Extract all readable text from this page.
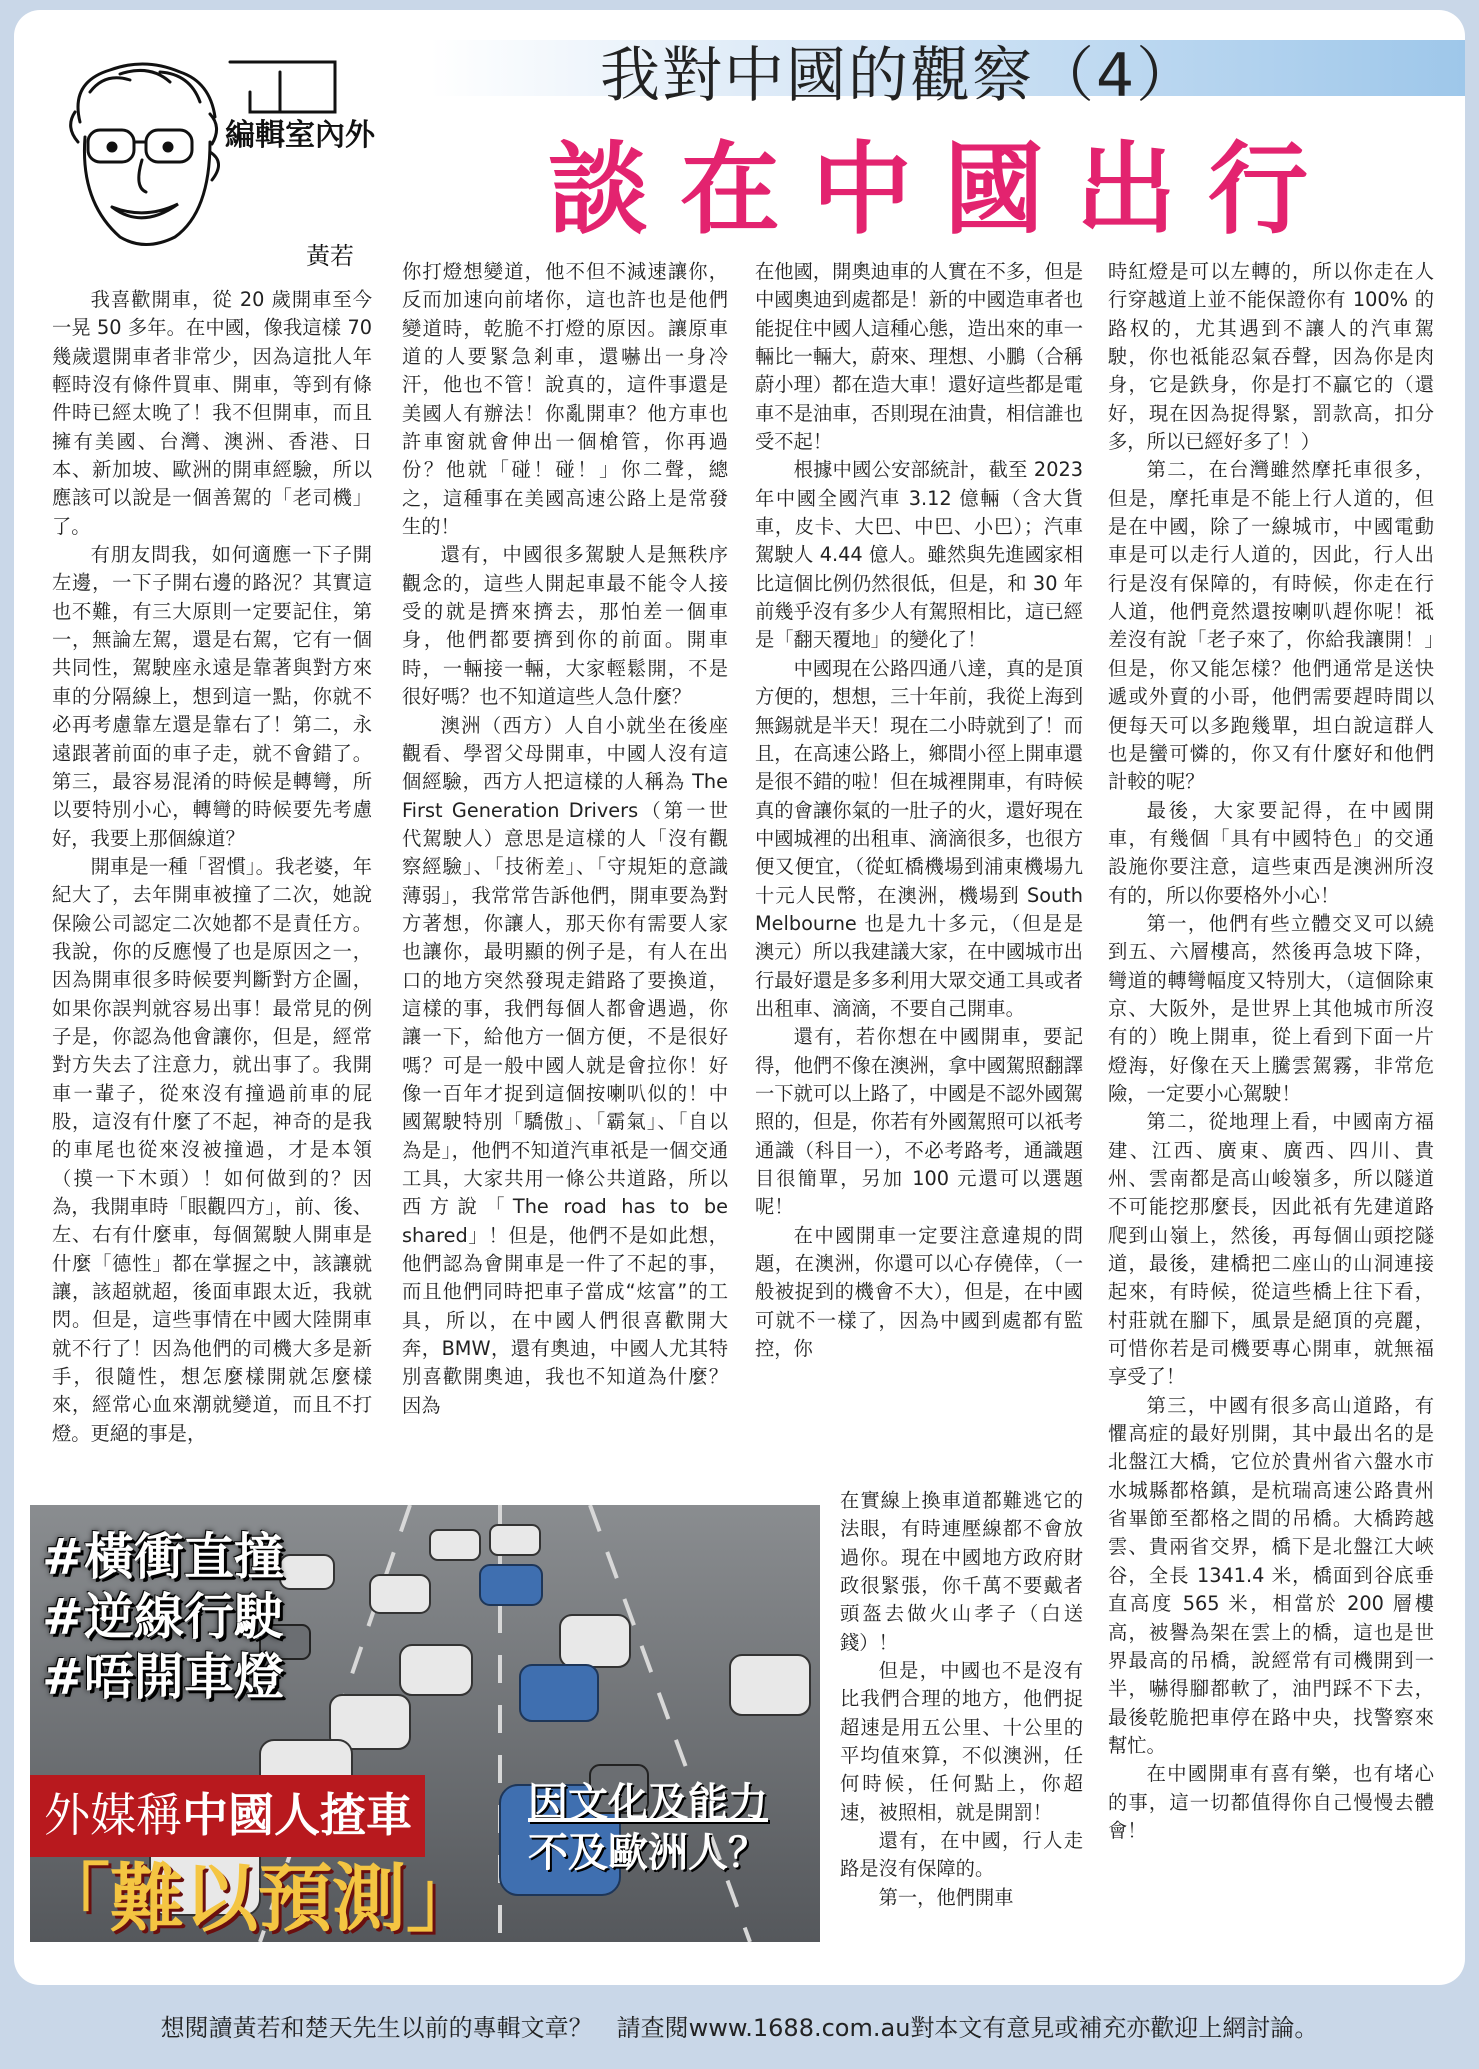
我對中國的觀察（4）
談在中國出行
編輯室內外
黃若

我喜歡開車，從 20 歲開車至今一晃 50 多年。在中國，像我這樣 70 幾歲還開車者非常少，因為這批人年輕時沒有條件買車、開車，等到有條件時已經太晚了！我不但開車，而且擁有美國、台灣、澳洲、香港、日本、新加坡、歐洲的開車經驗，所以應該可以說是一個善駕的「老司機」了。

有朋友問我，如何適應一下子開左邊，一下子開右邊的路況？其實這也不難，有三大原則一定要記住，第一，無論左駕，還是右駕，它有一個共同性，駕駛座永遠是靠著與對方來車的分隔線上，想到這一點，你就不必再考慮靠左還是靠右了！第二，永遠跟著前面的車子走，就不會錯了。第三，最容易混淆的時候是轉彎，所以要特別小心，轉彎的時候要先考慮好，我要上那個線道？

開車是一種「習慣」。我老婆，年紀大了，去年開車被撞了二次，她說保險公司認定二次她都不是責任方。我說，你的反應慢了也是原因之一，因為開車很多時候要判斷對方企圖，如果你誤判就容易出事！最常見的例子是，你認為他會讓你，但是，經常對方失去了注意力，就出事了。我開車一輩子，從來沒有撞過前車的屁股，這沒有什麼了不起，神奇的是我的車尾也從來沒被撞過，才是本領（摸一下木頭）！如何做到的？因為，我開車時「眼觀四方」，前、後、左、右有什麼車，每個駕駛人開車是什麼「德性」都在掌握之中，該讓就讓，該超就超，後面車跟太近，我就閃。但是，這些事情在中國大陸開車就不行了！因為他們的司機大多是新手，很隨性，想怎麼樣開就怎麼樣來，經常心血來潮就變道，而且不打燈。更絕的事是，

你打燈想變道，他不但不減速讓你，反而加速向前堵你，這也許也是他們變道時，乾脆不打燈的原因。讓原車道的人要緊急剎車，還嚇出一身冷汗，他也不管！說真的，這件事還是美國人有辦法！你亂開車？他方車也許車窗就會伸出一個槍管，你再過份？他就「碰！碰！」你二聲，總之，這種事在美國高速公路上是常發生的！

還有，中國很多駕駛人是無秩序觀念的，這些人開起車最不能令人接受的就是擠來擠去，那怕差一個車身，他們都要擠到你的前面。開車時，一輛接一輛，大家輕鬆開，不是很好嗎？也不知道這些人急什麼？

澳洲（西方）人自小就坐在後座觀看、學習父母開車，中國人沒有這個經驗，西方人把這樣的人稱為 The First Generation Drivers（第一世代駕駛人）意思是這樣的人「沒有觀察經驗」、「技術差」、「守規矩的意識薄弱」，我常常告訴他們，開車要為對方著想，你讓人，那天你有需要人家也讓你，最明顯的例子是，有人在出口的地方突然發現走錯路了要換道，這樣的事，我們每個人都會遇過，你讓一下，給他方一個方便，不是很好嗎？可是一般中國人就是會拉你！好像一百年才捉到這個按喇叭似的！中國駕駛特別「驕傲」、「霸氣」、「自以為是」，他們不知道汽車祇是一個交通工具，大家共用一條公共道路，所以西方說「The road has to be shared」！但是，他們不是如此想，他們認為會開車是一件了不起的事，而且他們同時把車子當成“炫富”的工具，所以，在中國人們很喜歡開大奔，BMW，還有奧迪，中國人尤其特別喜歡開奧迪，我也不知道為什麼？因為

在他國，開奧迪車的人實在不多，但是中國奧迪到處都是！新的中國造車者也能捉住中國人這種心態，造出來的車一輛比一輛大，蔚來、理想、小鵬（合稱蔚小理）都在造大車！還好這些都是電車不是油車，否則現在油貴，相信誰也受不起！

根據中國公安部統計，截至 2023 年中國全國汽車 3.12 億輛（含大貨車，皮卡、大巴、中巴、小巴）；汽車駕駛人 4.44 億人。雖然與先進國家相比這個比例仍然很低，但是，和 30 年前幾乎沒有多少人有駕照相比，這已經是「翻天覆地」的變化了！

中國現在公路四通八達，真的是頂方便的，想想，三十年前，我從上海到無錫就是半天！現在二小時就到了！而且，在高速公路上，鄉間小徑上開車還是很不錯的啦！但在城裡開車，有時候真的會讓你氣的一肚子的火，還好現在中國城裡的出租車、滴滴很多，也很方便又便宜，（從虹橋機場到浦東機場九十元人民幣，在澳洲，機場到 South Melbourne 也是九十多元，（但是是澳元）所以我建議大家，在中國城市出行最好還是多多利用大眾交通工具或者出租車、滴滴，不要自己開車。

還有，若你想在中國開車，要記得，他們不像在澳洲，拿中國駕照翻譯一下就可以上路了，中國是不認外國駕照的，但是，你若有外國駕照可以祇考通識（科目一），不必考路考，通識題目很簡單，另加 100 元還可以選題呢！

在中國開車一定要注意違規的問題，在澳洲，你還可以心存僥倖，（一般被捉到的機會不大），但是，在中國可就不一樣了，因為中國到處都有監控，你

在實線上換車道都難逃它的法眼，有時連壓線都不會放過你。現在中國地方政府財政很緊張，你千萬不要戴者頭盔去做火山孝子（白送錢）！

但是，中國也不是沒有比我們合理的地方，他們捉超速是用五公里、十公里的平均值來算，不似澳洲，任何時候，任何點上，你超速，被照相，就是開罰！

還有，在中國，行人走路是沒有保障的。

第一，他們開車

時紅燈是可以左轉的，所以你走在人行穿越道上並不能保證你有 100% 的路权的，尤其遇到不讓人的汽車駕駛，你也祗能忍氣吞聲，因為你是肉身，它是鉄身，你是打不贏它的（還好，現在因為捉得緊，罰款高，扣分多，所以已經好多了！）

第二，在台灣雖然摩托車很多，但是，摩托車是不能上行人道的，但是在中國，除了一線城市，中國電動車是可以走行人道的，因此，行人出行是沒有保障的，有時候，你走在行人道，他們竟然還按喇叭趕你呢！祗差沒有說「老子來了，你給我讓開！」但是，你又能怎樣？他們通常是送快遞或外賣的小哥，他們需要趕時間以便每天可以多跑幾單，坦白說這群人也是蠻可憐的，你又有什麼好和他們計較的呢？

最後，大家要記得，在中國開車，有幾個「具有中國特色」的交通設施你要注意，這些東西是澳洲所沒有的，所以你要格外小心！

第一，他們有些立體交叉可以繞到五、六層樓高，然後再急坡下降，彎道的轉彎幅度又特別大，（這個除東京、大阪外，是世界上其他城市所沒有的）晚上開車，從上看到下面一片燈海，好像在天上騰雲駕霧，非常危險，一定要小心駕駛！

第二，從地理上看，中國南方福建、江西、廣東、廣西、四川、貴州、雲南都是高山峻嶺多，所以隧道不可能挖那麼長，因此祇有先建道路爬到山嶺上，然後，再每個山頭挖隧道，最後，建橋把二座山的山洞連接起來，有時候，從這些橋上往下看，村莊就在腳下，風景是絕頂的亮麗，可惜你若是司機要專心開車，就無福享受了！

第三，中國有很多高山道路，有懼高症的最好別開，其中最出名的是北盤江大橋，它位於貴州省六盤水市水城縣都格鎮，是杭瑞高速公路貴州省畢節至都格之間的吊橋。大橋跨越雲、貴兩省交界，橋下是北盤江大峽谷，全長 1341.4 米，橋面到谷底垂直高度 565 米，相當於 200 層樓高，被譽為架在雲上的橋，這也是世界最高的吊橋，說經常有司機開到一半，嚇得腳都軟了，油門踩不下去，最後乾脆把車停在路中央，找警察來幫忙。

在中國開車有喜有樂，也有堵心的事，這一切都值得你自己慢慢去體會！

#橫衝直撞
#逆線行駛
#唔開車燈
外媒稱中國人揸車
「難以預測」
因文化及能力
不及歐洲人？
想閱讀黃若和楚天先生以前的專輯文章？　請查閱www.1688.com.au對本文有意見或補充亦歡迎上網討論。
